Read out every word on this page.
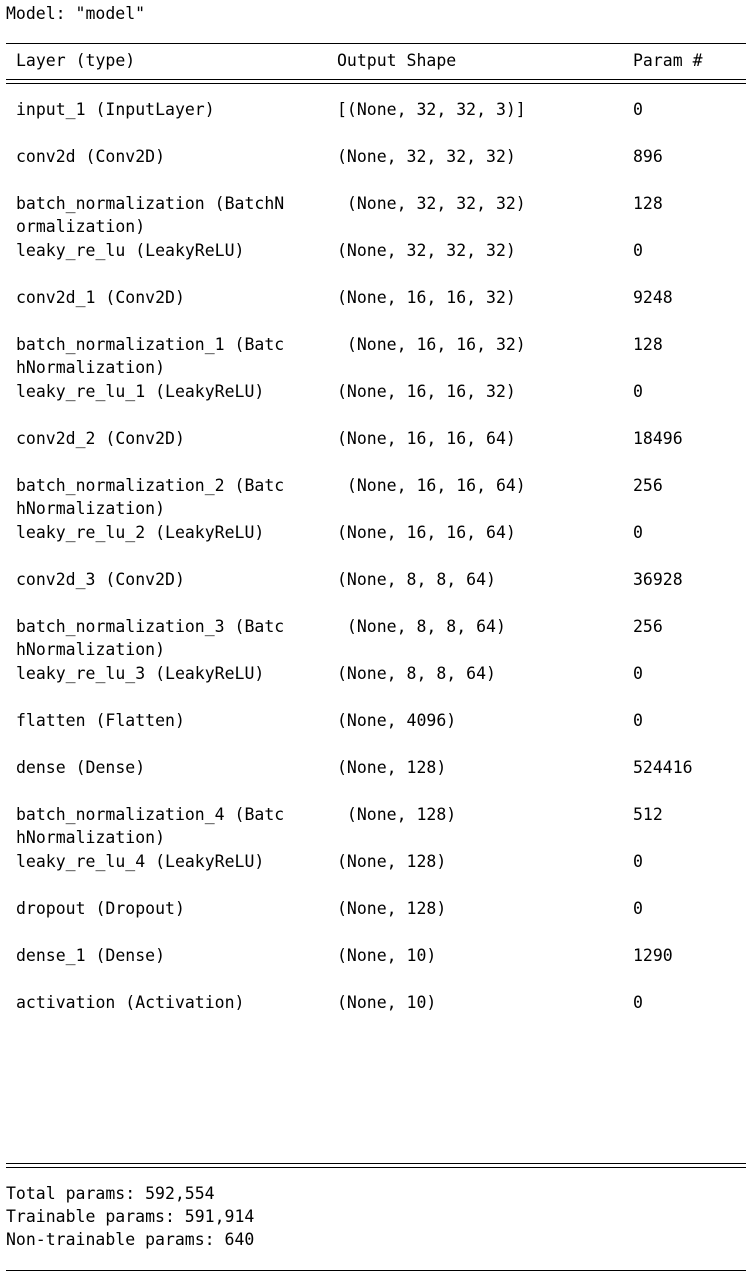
Model: "model"
Layer (type)	Output Shape	Param #
input_1 (InputLayer)	[(None, 32, 32, 3)]	0
conv2d (Conv2D)	(None, 32, 32, 32)	896
batch_normalization (BatchN
ormalization)
(None, 32, 32, 32)	128
leaky_re_lu (LeakyReLU)	(None, 32, 32, 32)	0
conv2d_1 (Conv2D)	(None, 16, 16, 32)	9248
batch_normalization_1 (Batc
hNormalization)
(None, 16, 16, 32)	128
leaky_re_lu_1 (LeakyReLU)	(None, 16, 16, 32)	0
conv2d_2 (Conv2D)	(None, 16, 16, 64)	18496
batch_normalization_2 (Batc
hNormalization)
(None, 16, 16, 64)	256
leaky_re_lu_2 (LeakyReLU)	(None, 16, 16, 64)	0
conv2d_3 (Conv2D)	(None, 8, 8, 64)	36928
batch_normalization_3 (Batc
hNormalization)
(None, 8, 8, 64)	256
leaky_re_lu_3 (LeakyReLU)	(None, 8, 8, 64)	0
flatten (Flatten)	(None, 4096)	0
dense (Dense)	(None, 128)	524416
batch_normalization_4 (Batc
hNormalization)
(None, 128)	512
leaky_re_lu_4 (LeakyReLU)	(None, 128)	0
dropout (Dropout)	(None, 128)	0
dense_1 (Dense)	(None, 10)	1290
activation (Activation)	(None, 10)	0
Total params: 592,554
Trainable params: 591,914
Non-trainable params: 640
